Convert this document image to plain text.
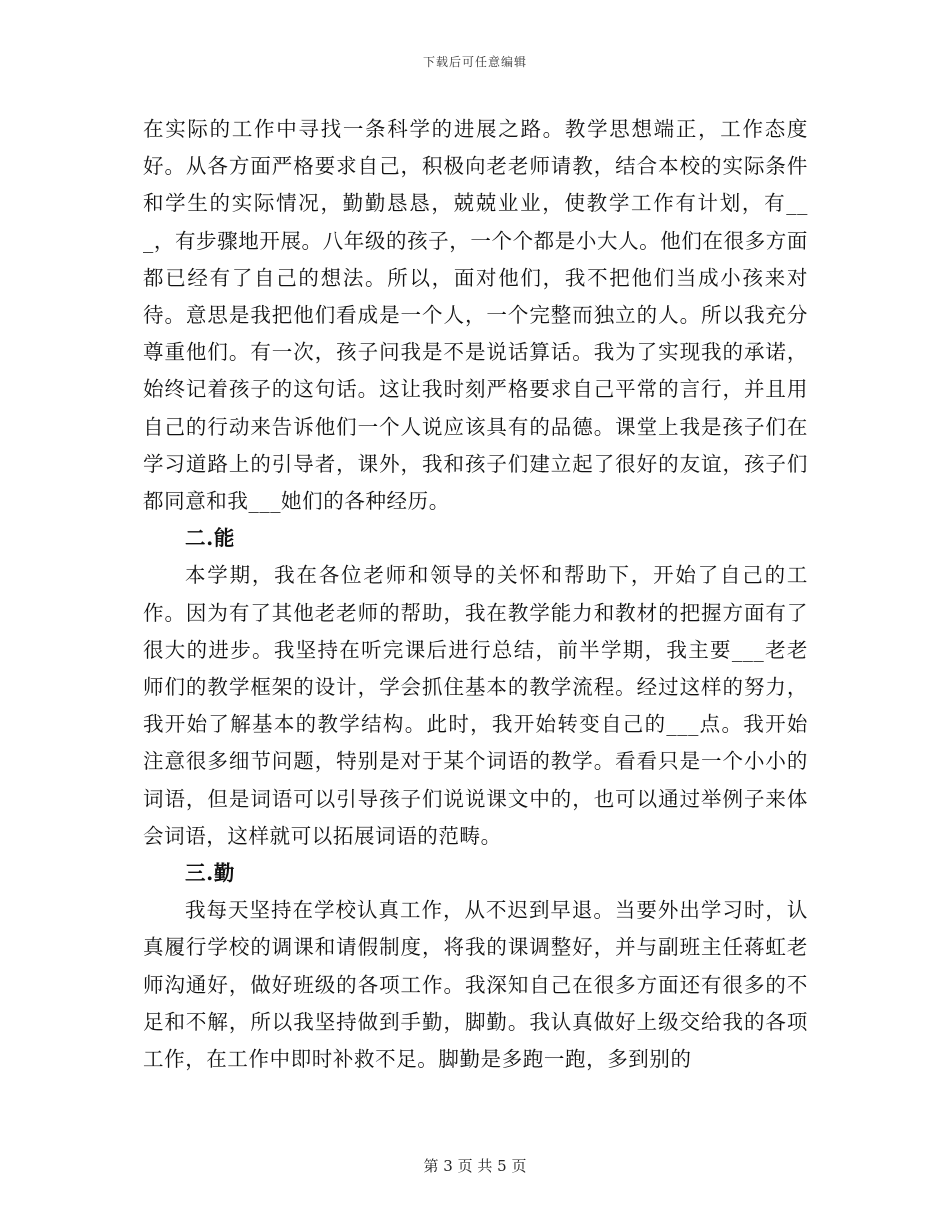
下载后可任意编辑

在实际的工作中寻找一条科学的进展之路。教学思想端正，工作态度好。从各方面严格要求自己，积极向老老师请教，结合本校的实际条件和学生的实际情况，勤勤恳恳，兢兢业业，使教学工作有计划，有___，有步骤地开展。八年级的孩子，一个个都是小大人。他们在很多方面都已经有了自己的想法。所以，面对他们，我不把他们当成小孩来对待。意思是我把他们看成是一个人，一个完整而独立的人。所以我充分尊重他们。有一次，孩子问我是不是说话算话。我为了实现我的承诺，始终记着孩子的这句话。这让我时刻严格要求自己平常的言行，并且用自己的行动来告诉他们一个人说应该具有的品德。课堂上我是孩子们在学习道路上的引导者，课外，我和孩子们建立起了很好的友谊，孩子们都同意和我___她们的各种经历。

二.能

本学期，我在各位老师和领导的关怀和帮助下，开始了自己的工作。因为有了其他老老师的帮助，我在教学能力和教材的把握方面有了很大的进步。我坚持在听完课后进行总结，前半学期，我主要___老老师们的教学框架的设计，学会抓住基本的教学流程。经过这样的努力，我开始了解基本的教学结构。此时，我开始转变自己的___点。我开始注意很多细节问题，特别是对于某个词语的教学。看看只是一个小小的词语，但是词语可以引导孩子们说说课文中的，也可以通过举例子来体会词语，这样就可以拓展词语的范畴。

三.勤

我每天坚持在学校认真工作，从不迟到早退。当要外出学习时，认真履行学校的调课和请假制度，将我的课调整好，并与副班主任蒋虹老师沟通好，做好班级的各项工作。我深知自己在很多方面还有很多的不足和不解，所以我坚持做到手勤，脚勤。我认真做好上级交给我的各项工作，在工作中即时补救不足。脚勤是多跑一跑，多到别的

第 3 页 共 5 页
